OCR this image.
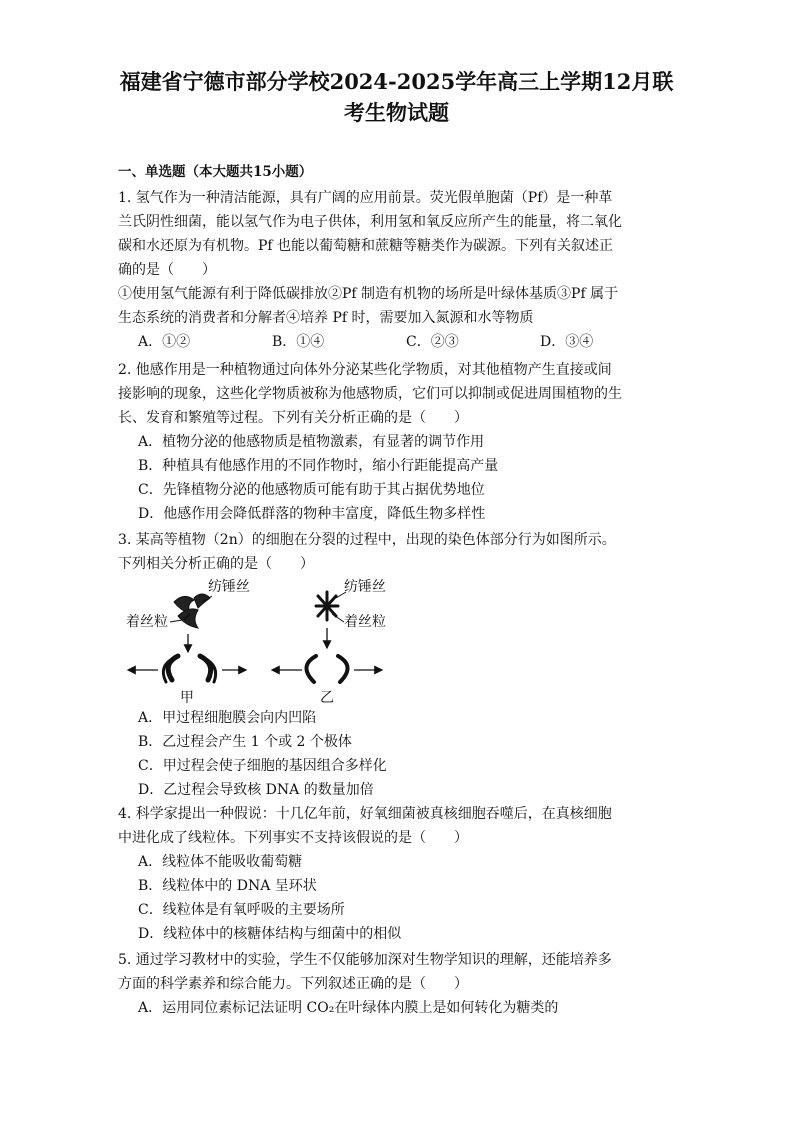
福建省宁德市部分学校2024-2025学年高三上学期12月联
考生物试题
一、单选题（本大题共15小题）

1. 氢气作为一种清洁能源，具有广阔的应用前景。荧光假单胞菌（Pf）是一种革

兰氏阴性细菌，能以氢气作为电子供体，利用氢和氧反应所产生的能量，将二氧化

碳和水还原为有机物。Pf 也能以葡萄糖和蔗糖等糖类作为碳源。下列有关叙述正

确的是（　　）

①使用氢气能源有利于降低碳排放②Pf 制造有机物的场所是叶绿体基质③Pf 属于

生态系统的消费者和分解者④培养 Pf 时，需要加入氮源和水等物质

A．①②	B．①④	C．②③	D．③④

2. 他感作用是一种植物通过向体外分泌某些化学物质，对其他植物产生直接或间

接影响的现象，这些化学物质被称为他感物质，它们可以抑制或促进周围植物的生

长、发育和繁殖等过程。下列有关分析正确的是（　　）

A．植物分泌的他感物质是植物激素，有显著的调节作用

B．种植具有他感作用的不同作物时，缩小行距能提高产量

C．先锋植物分泌的他感物质可能有助于其占据优势地位

D．他感作用会降低群落的物种丰富度，降低生物多样性

3. 某高等植物（2n）的细胞在分裂的过程中，出现的染色体部分行为如图所示。

下列相关分析正确的是（　　）

纺锤丝
着丝粒
甲
纺锤丝
着丝粒
乙

A．甲过程细胞膜会向内凹陷

B．乙过程会产生 1 个或 2 个极体

C．甲过程会使子细胞的基因组合多样化

D．乙过程会导致核 DNA 的数量加倍

4. 科学家提出一种假说：十几亿年前，好氧细菌被真核细胞吞噬后，在真核细胞

中进化成了线粒体。下列事实不支持该假说的是（　　）

A．线粒体不能吸收葡萄糖

B．线粒体中的 DNA 呈环状

C．线粒体是有氧呼吸的主要场所

D．线粒体中的核糖体结构与细菌中的相似

5. 通过学习教材中的实验，学生不仅能够加深对生物学知识的理解，还能培养多

方面的科学素养和综合能力。下列叙述正确的是（　　）

A．运用同位素标记法证明 CO₂在叶绿体内膜上是如何转化为糖类的
